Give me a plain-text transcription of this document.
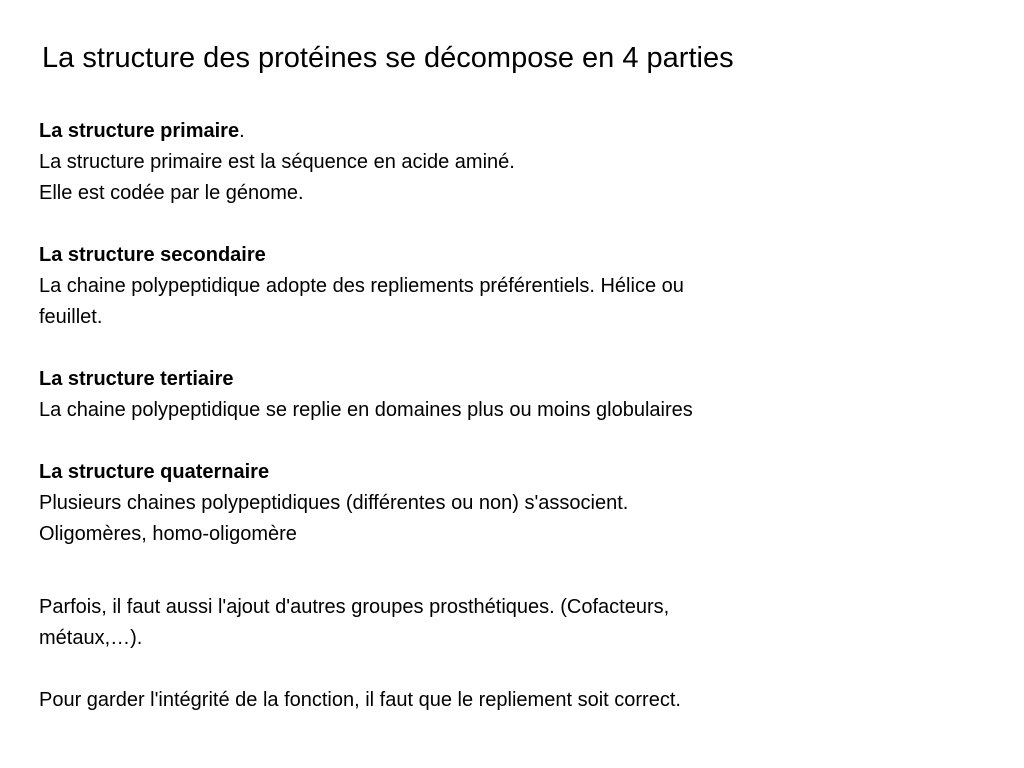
La structure des protéines se décompose en 4 parties

La structure primaire.

La structure primaire est la séquence en acide aminé.

Elle est codée par le génome.

La structure secondaire

La chaine polypeptidique adopte des repliements préférentiels. Hélice ou

feuillet.

La structure tertiaire

La chaine polypeptidique se replie en domaines plus ou moins globulaires

La structure quaternaire

Plusieurs chaines polypeptidiques (différentes ou non) s'associent.

Oligomères, homo-oligomère

Parfois, il faut aussi l'ajout d'autres groupes prosthétiques. (Cofacteurs,
métaux,…).

Pour garder l'intégrité de la fonction, il faut que le repliement soit correct.
